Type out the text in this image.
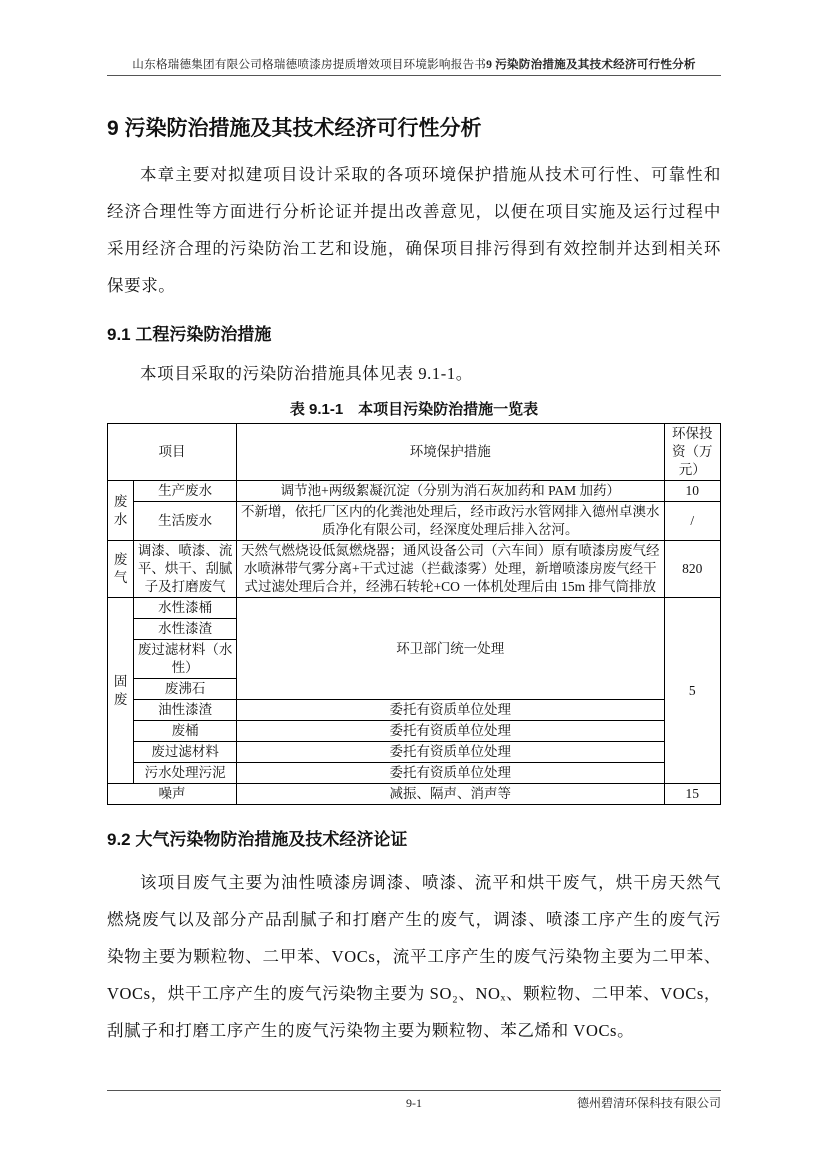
山东格瑞德集团有限公司格瑞德喷漆房提质增效项目环境影响报告书9 污染防治措施及其技术经济可行性分析
9 污染防治措施及其技术经济可行性分析

本章主要对拟建项目设计采取的各项环境保护措施从技术可行性、可靠性和经济合理性等方面进行分析论证并提出改善意见，以便在项目实施及运行过程中采用经济合理的污染防治工艺和设施，确保项目排污得到有效控制并达到相关环保要求。

9.1 工程污染防治措施

本项目采取的污染防治措施具体见表 9.1-1。

表 9.1-1　本项目污染防治措施一览表
项目		环境保护措施	环保投资（万元）
废水	生产废水	调节池+两级絮凝沉淀（分别为消石灰加药和 PAM 加药）	10
	生活废水	不新增，依托厂区内的化粪池处理后，经市政污水管网排入德州卓澳水质净化有限公司，经深度处理后排入岔河。	/
废气	调漆、喷漆、流平、烘干、刮腻子及打磨废气	天然气燃烧设低氮燃烧器；通风设备公司（六车间）原有喷漆房废气经水喷淋带气雾分离+干式过滤（拦截漆雾）处理，新增喷漆房废气经干式过滤处理后合并，经沸石转轮+CO 一体机处理后由 15m 排气筒排放	820
固废	水性漆桶	环卫部门统一处理	5
	水性漆渣		
	废过滤材料（水性）		
	废沸石		
	油性漆渣	委托有资质单位处理	
	废桶	委托有资质单位处理	
	废过滤材料	委托有资质单位处理	
	污水处理污泥	委托有资质单位处理	
噪声		减振、隔声、消声等	15
9.2 大气污染物防治措施及技术经济论证

该项目废气主要为油性喷漆房调漆、喷漆、流平和烘干废气，烘干房天然气燃烧废气以及部分产品刮腻子和打磨产生的废气，调漆、喷漆工序产生的废气污染物主要为颗粒物、二甲苯、VOCs，流平工序产生的废气污染物主要为二甲苯、VOCs，烘干工序产生的废气污染物主要为 SO₂、NOₓ、颗粒物、二甲苯、VOCs，刮腻子和打磨工序产生的废气污染物主要为颗粒物、苯乙烯和 VOCs。

9-1	德州碧清环保科技有限公司
